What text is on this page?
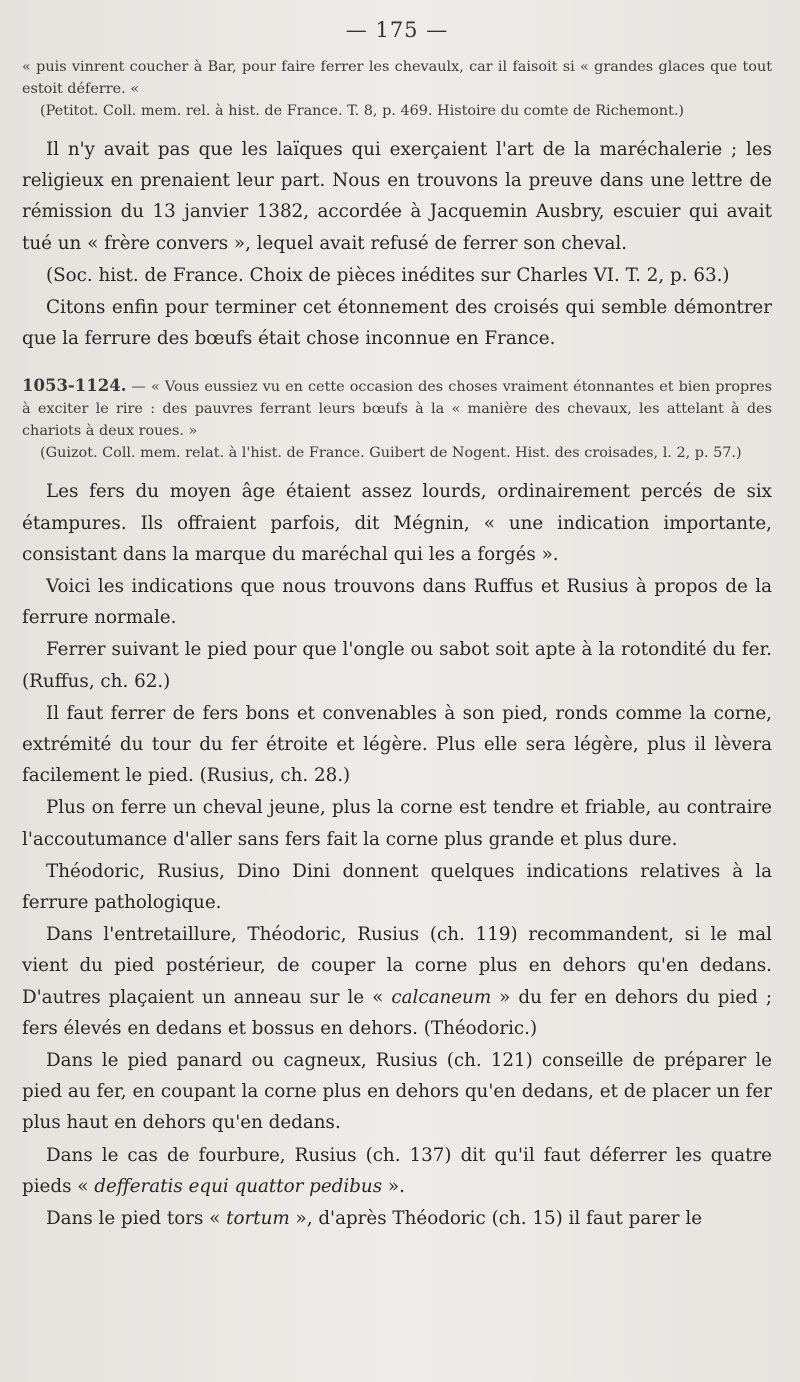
— 175 —

« puis vinrent coucher à Bar, pour faire ferrer les chevaulx, car il faisoit si « grandes glaces que tout estoit déferre. «

(Petitot. Coll. mem. rel. à hist. de France. T. 8, p. 469. Histoire du comte de Richemont.)

Il n'y avait pas que les laïques qui exerçaient l'art de la maréchalerie ; les religieux en prenaient leur part. Nous en trouvons la preuve dans une lettre de rémission du 13 janvier 1382, accordée à Jacquemin Ausbry, escuier qui avait tué un « frère convers », lequel avait refusé de ferrer son cheval.

(Soc. hist. de France. Choix de pièces inédites sur Charles VI. T. 2, p. 63.)

Citons enfin pour terminer cet étonnement des croisés qui semble démontrer que la ferrure des bœufs était chose inconnue en France.

1053-1124. — « Vous eussiez vu en cette occasion des choses vraiment étonnantes et bien propres à exciter le rire : des pauvres ferrant leurs bœufs à la « manière des chevaux, les attelant à des chariots à deux roues. »

(Guizot. Coll. mem. relat. à l'hist. de France. Guibert de Nogent. Hist. des croisades, l. 2, p. 57.)

Les fers du moyen âge étaient assez lourds, ordinairement percés de six étampures. Ils offraient parfois, dit Mégnin, « une indication importante, consistant dans la marque du maréchal qui les a forgés ».

Voici les indications que nous trouvons dans Ruffus et Rusius à propos de la ferrure normale.

Ferrer suivant le pied pour que l'ongle ou sabot soit apte à la rotondité du fer. (Ruffus, ch. 62.)

Il faut ferrer de fers bons et convenables à son pied, ronds comme la corne, extrémité du tour du fer étroite et légère. Plus elle sera légère, plus il lèvera facilement le pied. (Rusius, ch. 28.)

Plus on ferre un cheval jeune, plus la corne est tendre et friable, au contraire l'accoutumance d'aller sans fers fait la corne plus grande et plus dure.

Théodoric, Rusius, Dino Dini donnent quelques indications relatives à la ferrure pathologique.

Dans l'entretaillure, Théodoric, Rusius (ch. 119) recommandent, si le mal vient du pied postérieur, de couper la corne plus en dehors qu'en dedans. D'autres plaçaient un anneau sur le « calcaneum » du fer en dehors du pied ; fers élevés en dedans et bossus en dehors. (Théodoric.)

Dans le pied panard ou cagneux, Rusius (ch. 121) conseille de préparer le pied au fer, en coupant la corne plus en dehors qu'en dedans, et de placer un fer plus haut en dehors qu'en dedans.

Dans le cas de fourbure, Rusius (ch. 137) dit qu'il faut déferrer les quatre pieds « defferatis equi quattor pedibus ».

Dans le pied tors « tortum », d'après Théodoric (ch. 15) il faut parer le
